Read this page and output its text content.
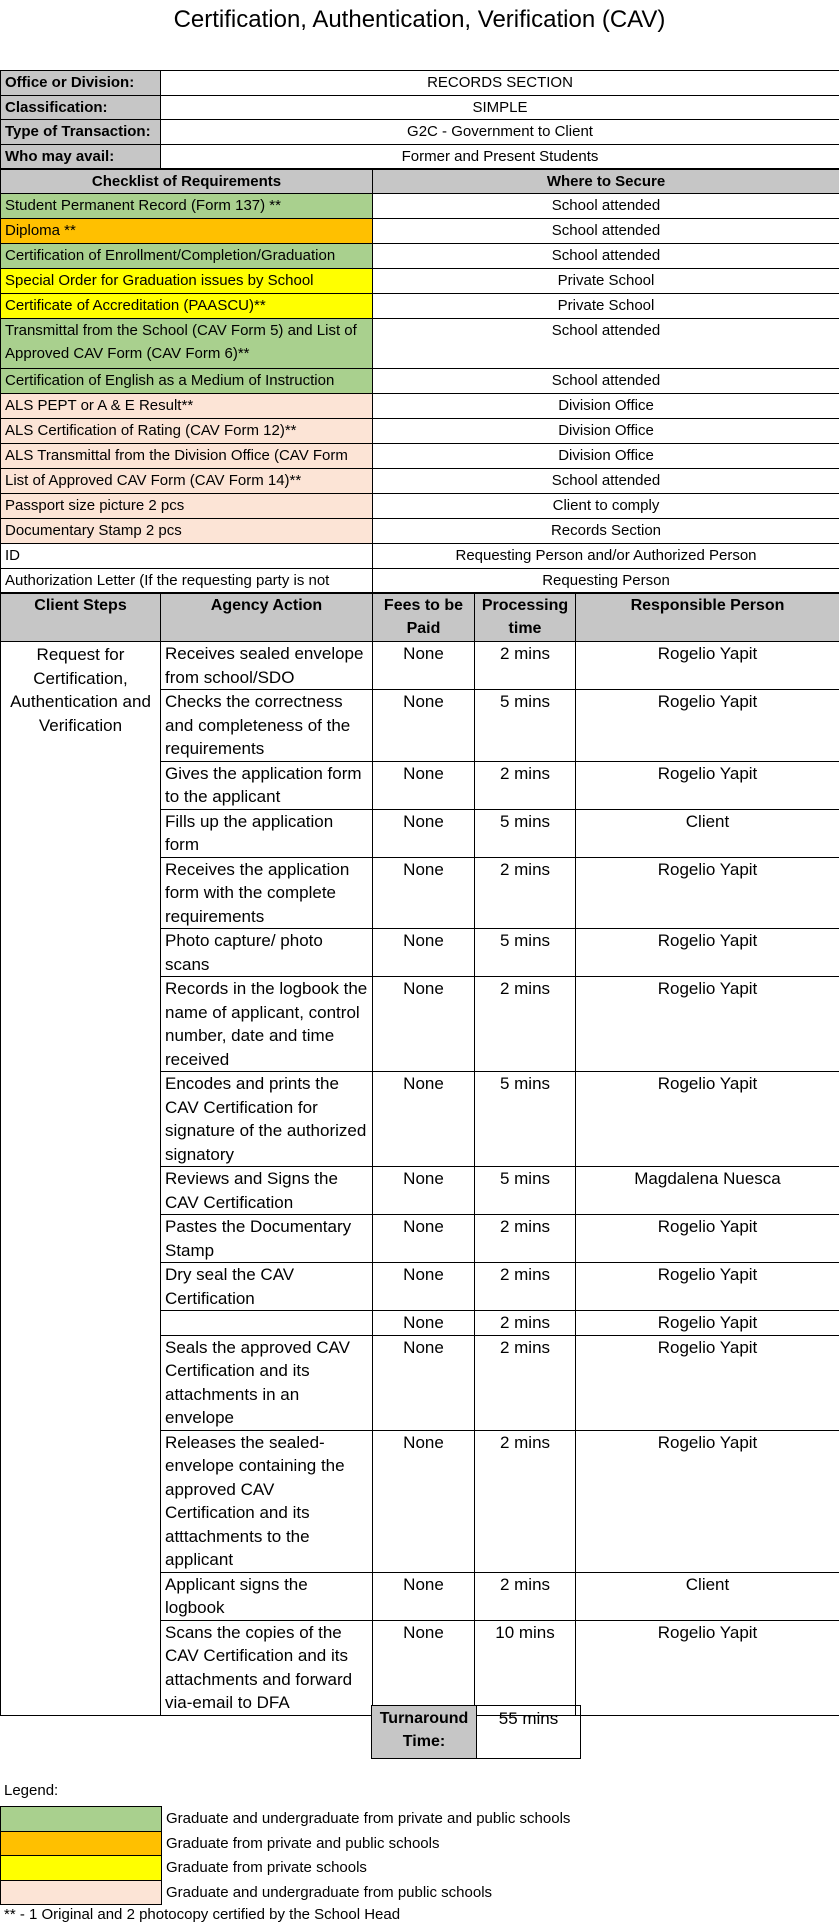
Certification, Authentication, Verification (CAV)
Office or Division:	RECORDS SECTION
Classification:	SIMPLE
Type of Transaction:	G2C - Government to Client
Who may avail:	Former and Present Students
Checklist of Requirements	Where to Secure
Student Permanent Record (Form 137) **	School attended
Diploma **	School attended
Certification of Enrollment/Completion/Graduation	School attended
Special Order for Graduation issues by School	Private School
Certificate of Accreditation (PAASCU)**	Private School
Transmittal from the School (CAV Form 5) and List of Approved CAV Form (CAV Form 6)**	School attended
Certification of English as a Medium of Instruction	School attended
ALS PEPT or A & E Result**	Division Office
ALS Certification of Rating (CAV Form 12)**	Division Office
ALS Transmittal from the Division Office (CAV Form	Division Office
List of Approved CAV Form (CAV Form 14)**	School attended
Passport size picture 2 pcs	Client to comply
Documentary Stamp 2 pcs	Records Section
ID	Requesting Person and/or Authorized Person
Authorization Letter (If the requesting party is not	Requesting Person
Client Steps	Agency Action	Fees to be Paid	Processing time	Responsible Person
Request for Certification, Authentication and Verification	Receives sealed envelope from school/SDO	None	2 mins	Rogelio Yapit
	Checks the correctness and completeness of the requirements	None	5 mins	Rogelio Yapit
	Gives the application form to the applicant	None	2 mins	Rogelio Yapit
	Fills up the application form	None	5 mins	Client
	Receives the application form with the complete requirements	None	2 mins	Rogelio Yapit
	Photo capture/ photo scans	None	5 mins	Rogelio Yapit
	Records in the logbook the name of applicant, control number, date and time received	None	2 mins	Rogelio Yapit
	Encodes and prints the CAV Certification for signature of the authorized signatory	None	5 mins	Rogelio Yapit
	Reviews and Signs the CAV Certification	None	5 mins	Magdalena Nuesca
	Pastes the Documentary Stamp	None	2 mins	Rogelio Yapit
	Dry seal the CAV Certification	None	2 mins	Rogelio Yapit
		None	2 mins	Rogelio Yapit
	Seals the approved CAV Certification and its attachments in an envelope	None	2 mins	Rogelio Yapit
	Releases the sealed-envelope containing the approved CAV Certification and its atttachments to the applicant	None	2 mins	Rogelio Yapit
	Applicant signs the logbook	None	2 mins	Client
	Scans the copies of the CAV Certification and its attachments and forward via-email to DFA	None	10 mins	Rogelio Yapit
Turnaround Time:	55 mins
Legend:
	Graduate and undergraduate from private and public schools
	Graduate from private and public schools
	Graduate from private schools
	Graduate and undergraduate from public schools
** - 1 Original and 2 photocopy certified by the School Head
